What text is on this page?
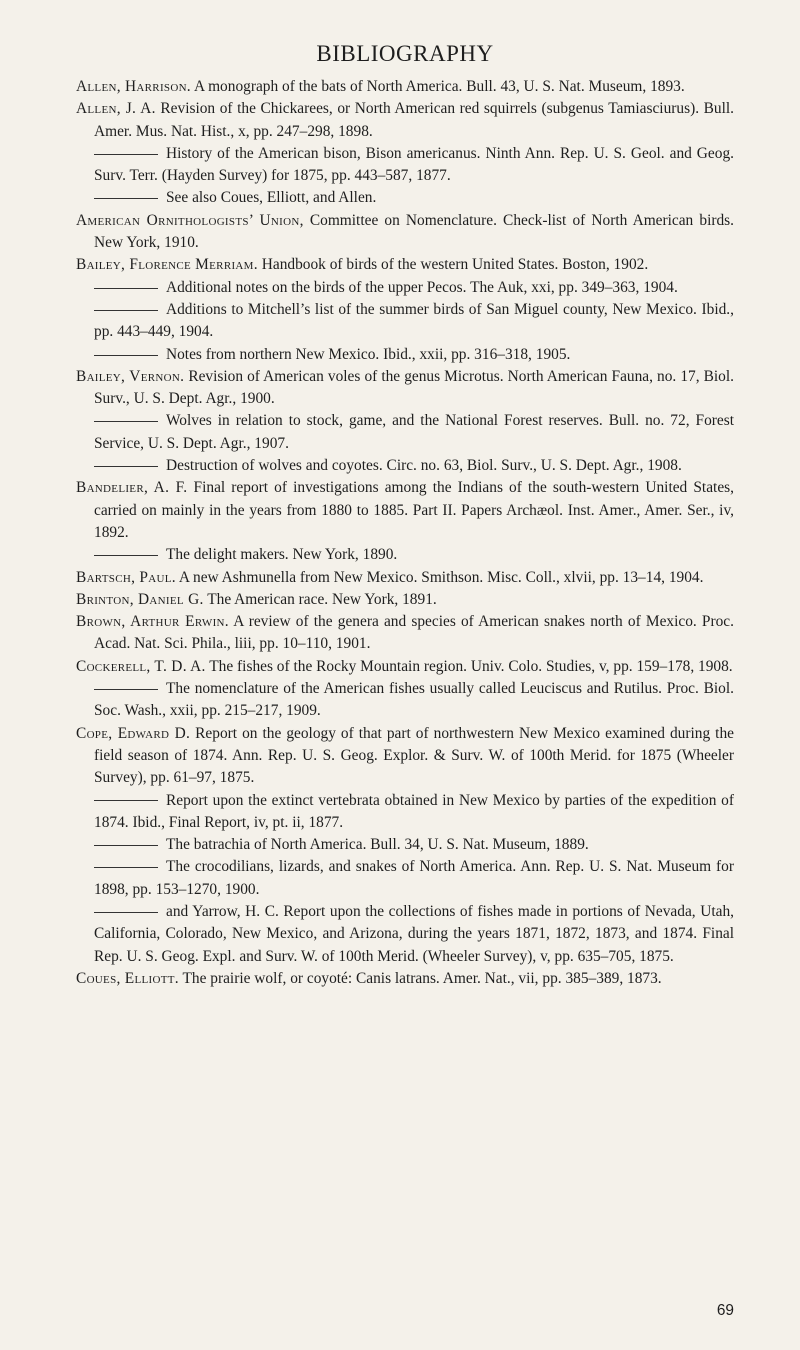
BIBLIOGRAPHY

Allen, Harrison. A monograph of the bats of North America. Bull. 43, U. S. Nat. Museum, 1893.

Allen, J. A. Revision of the Chickarees, or North American red squirrels (subgenus Tamiasciurus). Bull. Amer. Mus. Nat. Hist., x, pp. 247–298, 1898.

History of the American bison, Bison americanus. Ninth Ann. Rep. U. S. Geol. and Geog. Surv. Terr. (Hayden Survey) for 1875, pp. 443–587, 1877.

See also Coues, Elliott, and Allen.

American Ornithologists’ Union, Committee on Nomenclature. Check-list of North American birds. New York, 1910.

Bailey, Florence Merriam. Handbook of birds of the western United States. Boston, 1902.

Additional notes on the birds of the upper Pecos. The Auk, xxi, pp. 349–363, 1904.

Additions to Mitchell’s list of the summer birds of San Miguel county, New Mexico. Ibid., pp. 443–449, 1904.

Notes from northern New Mexico. Ibid., xxii, pp. 316–318, 1905.

Bailey, Vernon. Revision of American voles of the genus Microtus. North American Fauna, no. 17, Biol. Surv., U. S. Dept. Agr., 1900.

Wolves in relation to stock, game, and the National Forest reserves. Bull. no. 72, Forest Service, U. S. Dept. Agr., 1907.

Destruction of wolves and coyotes. Circ. no. 63, Biol. Surv., U. S. Dept. Agr., 1908.

Bandelier, A. F. Final report of investigations among the Indians of the south-western United States, carried on mainly in the years from 1880 to 1885. Part II. Papers Archæol. Inst. Amer., Amer. Ser., iv, 1892.

The delight makers. New York, 1890.

Bartsch, Paul. A new Ashmunella from New Mexico. Smithson. Misc. Coll., xlvii, pp. 13–14, 1904.

Brinton, Daniel G. The American race. New York, 1891.

Brown, Arthur Erwin. A review of the genera and species of American snakes north of Mexico. Proc. Acad. Nat. Sci. Phila., liii, pp. 10–110, 1901.

Cockerell, T. D. A. The fishes of the Rocky Mountain region. Univ. Colo. Studies, v, pp. 159–178, 1908.

The nomenclature of the American fishes usually called Leuciscus and Rutilus. Proc. Biol. Soc. Wash., xxii, pp. 215–217, 1909.

Cope, Edward D. Report on the geology of that part of northwestern New Mexico examined during the field season of 1874. Ann. Rep. U. S. Geog. Explor. & Surv. W. of 100th Merid. for 1875 (Wheeler Survey), pp. 61–97, 1875.

Report upon the extinct vertebrata obtained in New Mexico by parties of the expedition of 1874. Ibid., Final Report, iv, pt. ii, 1877.

The batrachia of North America. Bull. 34, U. S. Nat. Museum, 1889.

The crocodilians, lizards, and snakes of North America. Ann. Rep. U. S. Nat. Museum for 1898, pp. 153–1270, 1900.

and Yarrow, H. C. Report upon the collections of fishes made in portions of Nevada, Utah, California, Colorado, New Mexico, and Arizona, during the years 1871, 1872, 1873, and 1874. Final Rep. U. S. Geog. Expl. and Surv. W. of 100th Merid. (Wheeler Survey), v, pp. 635–705, 1875.

Coues, Elliott. The prairie wolf, or coyoté: Canis latrans. Amer. Nat., vii, pp. 385–389, 1873.

69
